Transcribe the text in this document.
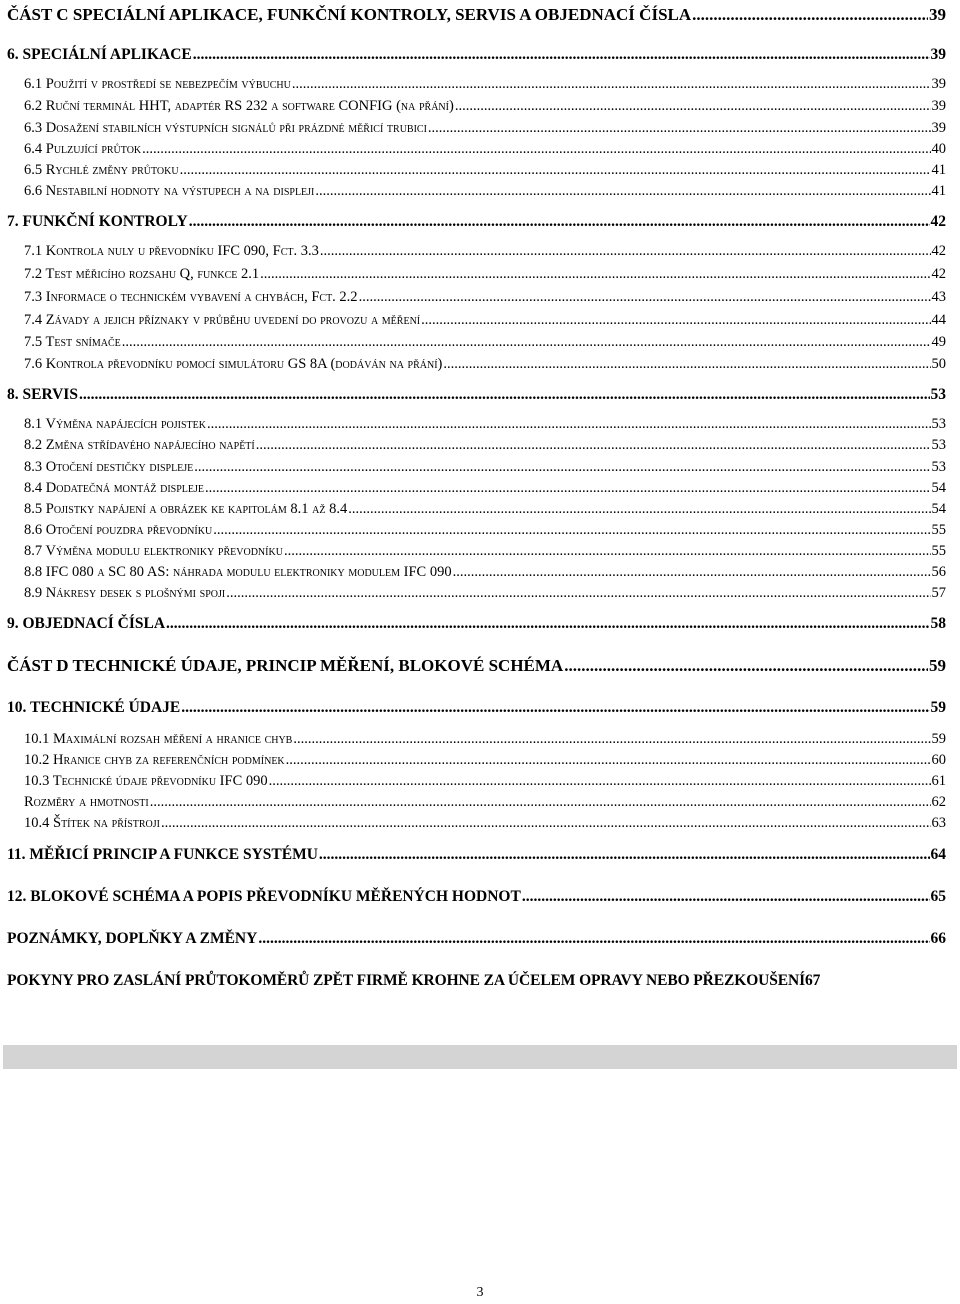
ČÁST C SPECIÁLNÍ APLIKACE, FUNKČNÍ KONTROLY, SERVIS A OBJEDNACÍ ČÍSLA .....	39
6. SPECIÁLNÍ APLIKACE .....	39
6.1 Použití v prostředí se nebezpečím výbuchu .....	39
6.2 Ruční terminál HHT, adaptér RS 232 a software CONFIG (na přání) .....	39
6.3 Dosažení stabilních výstupních signálů při prázdné měřicí trubici .....	39
6.4 Pulzující průtok .....	40
6.5 Rychlé změny průtoku .....	41
6.6 Nestabilní hodnoty na výstupech a na displeji .....	41
7. FUNKČNÍ KONTROLY .....	42
7.1 Kontrola nuly u převodníku IFC 090, Fct. 3.3 .....	42
7.2 Test měřicího rozsahu Q, funkce 2.1 .....	42
7.3 Informace o technickém vybavení a chybách, Fct. 2.2 .....	43
7.4 Závady a jejich příznaky v průběhu uvedení do provozu a měření .....	44
7.5 Test snímače .....	49
7.6 Kontrola převodníku pomocí simulátoru GS 8A (dodáván na přání) .....	50
8. SERVIS .....	53
8.1 Výměna napájecích pojistek .....	53
8.2 Změna střídavého napájecího napětí .....	53
8.3 Otočení destičky displeje .....	53
8.4 Dodatečná montáž displeje .....	54
8.5 Pojistky napájení a obrázek ke kapitolám 8.1 až 8.4 .....	54
8.6 Otočení pouzdra převodníku .....	55
8.7 Výměna modulu elektroniky převodníku .....	55
8.8 IFC 080 a SC 80 AS: náhrada modulu elektroniky modulem IFC 090 .....	56
8.9 Nákresy desek s plošnými spoji .....	57
9. OBJEDNACÍ ČÍSLA .....	58
ČÁST D TECHNICKÉ ÚDAJE, PRINCIP MĚŘENÍ, BLOKOVÉ SCHÉMA .....	59
10. TECHNICKÉ ÚDAJE .....	59
10.1 Maximální rozsah měření a hranice chyb .....	59
10.2 Hranice chyb za referenčních podmínek .....	60
10.3 Technické údaje převodníku IFC 090 .....	61
Rozměry a hmotnosti .....	62
10.4 Štítek na přístroji .....	63
11. MĚŘICÍ PRINCIP A FUNKCE SYSTÉMU .....	64
12. BLOKOVÉ SCHÉMA A POPIS PŘEVODNÍKU MĚŘENÝCH HODNOT .....	65
POZNÁMKY, DOPLŇKY A ZMĚNY .....	66
POKYNY PRO ZASLÁNÍ PRŮTOKOMĚRŮ ZPĚT FIRMĚ KROHNE ZA ÚČELEM OPRAVY NEBO PŘEZKOUŠENÍ 67
3
